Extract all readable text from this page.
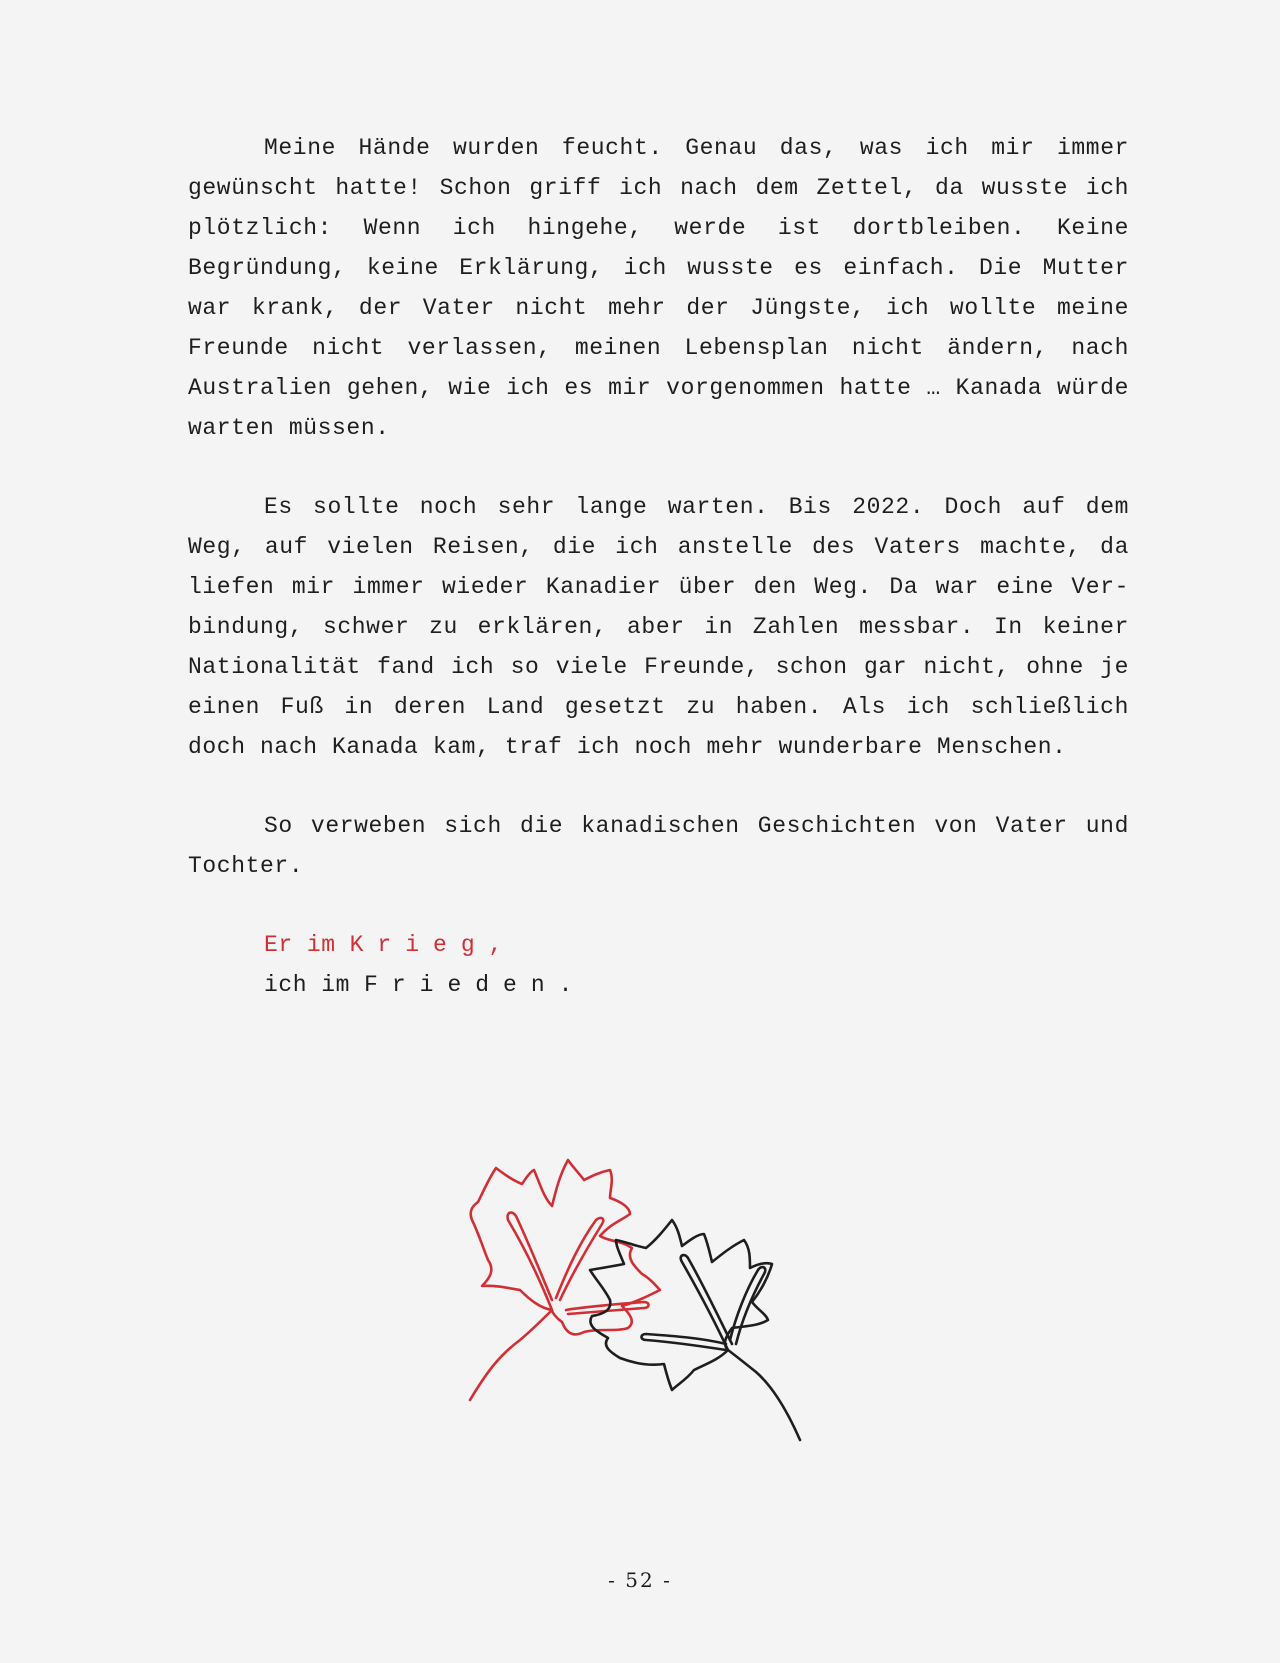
Meine Hände wurden feucht. Genau das, was ich mir immer gewünscht hatte! Schon griff ich nach dem Zettel, da wusste ich plötzlich: Wenn ich hingehe, werde ist dortbleiben. Keine Begründung, keine Erklärung, ich wusste es einfach. Die Mutter war krank, der Vater nicht mehr der Jüngste, ich wollte meine Freunde nicht verlassen, meinen Lebensplan nicht ändern, nach Australien gehen, wie ich es mir vorgenommen hatte … Kanada würde warten müssen.

Es sollte noch sehr lange warten. Bis 2022. Doch auf dem Weg, auf vielen Reisen, die ich anstelle des Vaters machte, da liefen mir immer wieder Kanadier über den Weg. Da war eine Ver-bindung, schwer zu erklären, aber in Zahlen messbar. In keiner Nationalität fand ich so viele Freunde, schon gar nicht, ohne je einen Fuß in deren Land gesetzt zu haben. Als ich schließlich doch nach Kanada kam, traf ich noch mehr wunderbare Menschen.

So verweben sich die kanadischen Geschichten von Vater und Tochter.

Er im Krieg,
ich im Frieden.
- 52 -
